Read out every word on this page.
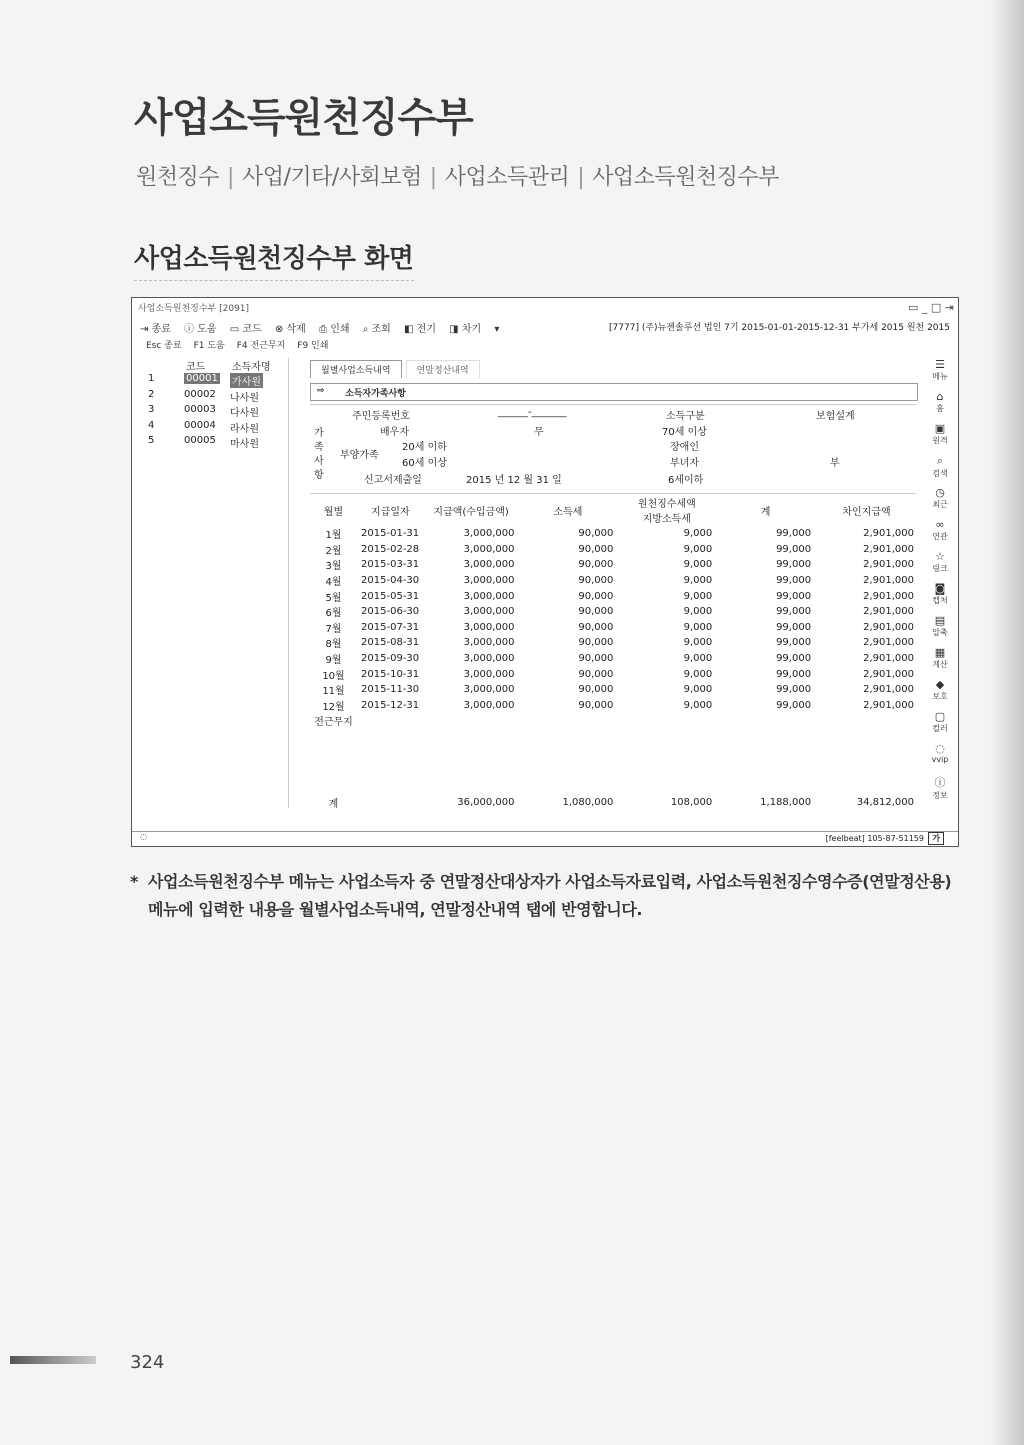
사업소득원천징수부
원천징수 | 사업/기타/사회보험 | 사업소득관리 | 사업소득원천징수부
사업소득원천징수부 화면
사업소득원천징수부 [2091]	▭ _ □ ⇥
⇥ 종료 ⓘ 도움 ▭ 코드 ⊗ 삭제 ⎙ 인쇄 ⌕ 조회 ◧ 전기 ◨ 차기 ▾	[7777] (주)뉴젠솔루션 법인 7기 2015-01-01-2015-12-31 부가세 2015 원천 2015
Esc 종료 F1 도움 F4 전근무지 F9 인쇄
코드	소득자명
1	00001 가사원
2	00002 나사원
3	00003 다사원
4	00004 라사원
5	00005 마사원
월별사업소득내역	연말정산내역
⇨ 소득자가족사항
가족사항
주민등록번호	______-_______	소득구분	보험설계
배우자	무	70세 이상
부양가족
20세 이하	장애인
60세 이상	부녀자	부
신고서제출일	2015 년 12 월 31 일	6세이하
월별	지급일자	지급액(수입금액)	소득세	원천징수세액
지방소득세	계	차인지급액
1월	2015-01-31	3,000,000	90,000	9,000	99,000	2,901,000
2월	2015-02-28	3,000,000	90,000	9,000	99,000	2,901,000
3월	2015-03-31	3,000,000	90,000	9,000	99,000	2,901,000
4월	2015-04-30	3,000,000	90,000	9,000	99,000	2,901,000
5월	2015-05-31	3,000,000	90,000	9,000	99,000	2,901,000
6월	2015-06-30	3,000,000	90,000	9,000	99,000	2,901,000
7월	2015-07-31	3,000,000	90,000	9,000	99,000	2,901,000
8월	2015-08-31	3,000,000	90,000	9,000	99,000	2,901,000
9월	2015-09-30	3,000,000	90,000	9,000	99,000	2,901,000
10월	2015-10-31	3,000,000	90,000	9,000	99,000	2,901,000
11월	2015-11-30	3,000,000	90,000	9,000	99,000	2,901,000
12월	2015-12-31	3,000,000	90,000	9,000	99,000	2,901,000
전근무지						

계		36,000,000	1,080,000	108,000	1,188,000	34,812,000
☰
메뉴
⌂
홈
▣
원격
⌕
검색
◷
최근
∞
연관
☆
링크
◙
캡처
▤
압축
▦
계산
◆
보호
▢
컬러
◌
vvip
ⓘ
정보
◌	[feelbeat] 105-87-51159	가
* 사업소득원천징수부 메뉴는 사업소득자 중 연말정산대상자가 사업소득자료입력, 사업소득원천징수영수증(연말정산용)
메뉴에 입력한 내용을 월별사업소득내역, 연말정산내역 탭에 반영합니다.
324
